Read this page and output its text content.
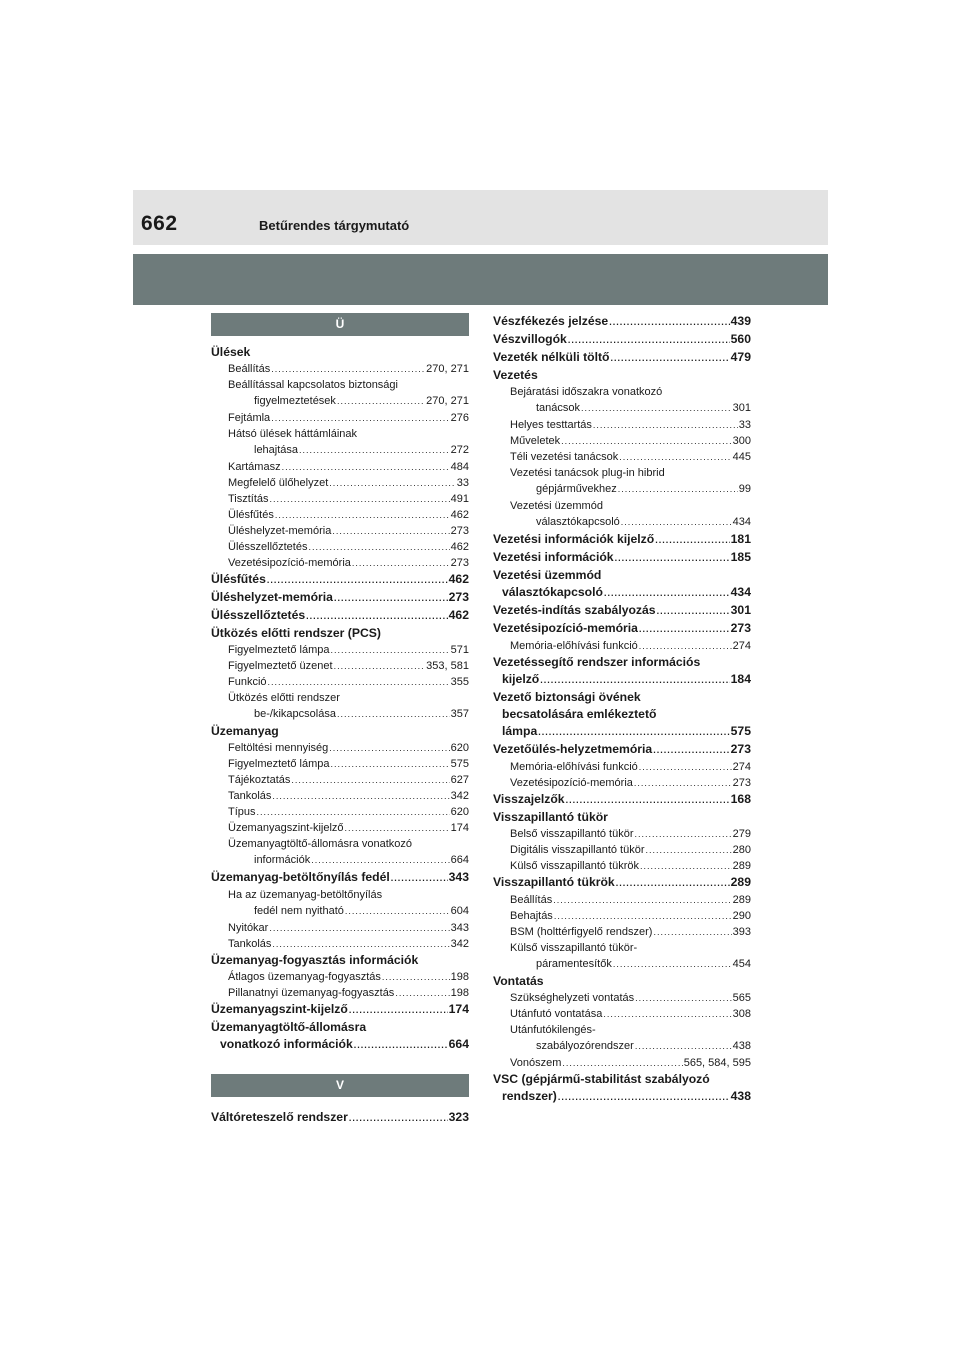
662	Betűrendes tárgymutató
Ü
Ülések
Beállítás .....	270, 271
Beállítással kapcsolatos biztonsági
figyelmeztetések .....	270, 271
Fejtámla .....	276
Hátsó ülések háttámláinak
lehajtása .....	272
Kartámasz .....	484
Megfelelő ülőhelyzet .....	33
Tisztítás .....	491
Ülésfűtés .....	462
Üléshelyzet-memória .....	273
Ülésszellőztetés .....	462
Vezetésipozíció-memória .....	273
Ülésfűtés .....	462
Üléshelyzet-memória .....	273
Ülésszellőztetés .....	462
Ütközés előtti rendszer (PCS)
Figyelmeztető lámpa .....	571
Figyelmeztető üzenet .....	353, 581
Funkció .....	355
Ütközés előtti rendszer
be-/kikapcsolása .....	357
Üzemanyag
Feltöltési mennyiség .....	620
Figyelmeztető lámpa .....	575
Tájékoztatás .....	627
Tankolás .....	342
Típus .....	620
Üzemanyagszint-kijelző .....	174
Üzemanyagtöltő-állomásra vonatkozó
információk .....	664
Üzemanyag-betöltőnyílás fedél .....	343
Ha az üzemanyag-betöltőnyílás
fedél nem nyitható .....	604
Nyitókar .....	343
Tankolás .....	342
Üzemanyag-fogyasztás információk
Átlagos üzemanyag-fogyasztás .....	198
Pillanatnyi üzemanyag-fogyasztás .....	198
Üzemanyagszint-kijelző .....	174
Üzemanyagtöltő-állomásra
vonatkozó információk .....	664
V
Váltóreteszelő rendszer .....	323
Vészfékezés jelzése .....	439
Vészvillogók .....	560
Vezeték nélküli töltő .....	479
Vezetés
Bejáratási időszakra vonatkozó
tanácsok .....	301
Helyes testtartás .....	33
Műveletek .....	300
Téli vezetési tanácsok .....	445
Vezetési tanácsok plug-in hibrid
gépjárművekhez .....	99
Vezetési üzemmód
választókapcsoló .....	434
Vezetési információk kijelző .....	181
Vezetési információk .....	185
Vezetési üzemmód
választókapcsoló .....	434
Vezetés-indítás szabályozás .....	301
Vezetésipozíció-memória .....	273
Memória-előhívási funkció .....	274
Vezetéssegítő rendszer információs
kijelző .....	184
Vezető biztonsági övének
becsatolására emlékeztető
lámpa .....	575
Vezetőülés-helyzetmemória .....	273
Memória-előhívási funkció .....	274
Vezetésipozíció-memória .....	273
Visszajelzők .....	168
Visszapillantó tükör
Belső visszapillantó tükör .....	279
Digitális visszapillantó tükör .....	280
Külső visszapillantó tükrök .....	289
Visszapillantó tükrök .....	289
Beállítás .....	289
Behajtás .....	290
BSM (holttérfigyelő rendszer) .....	393
Külső visszapillantó tükör-
páramentesítők .....	454
Vontatás
Szükséghelyzeti vontatás .....	565
Utánfutó vontatása .....	308
Utánfutókilengés-
szabályozórendszer .....	438
Vonószem .....	565, 584, 595
VSC (gépjármű-stabilitást szabályozó
rendszer) .....	438
